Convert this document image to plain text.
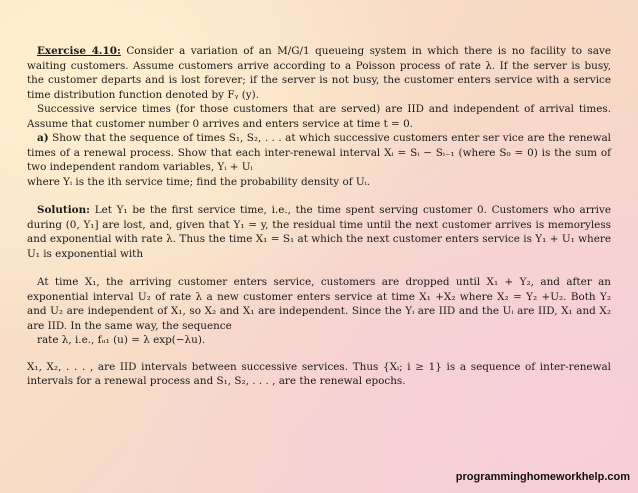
Exercise 4.10: Consider a variation of an M/G/1 queueing system in which there is no facility to save waiting customers. Assume customers arrive according to a Poisson process of rate λ. If the server is busy, the customer departs and is lost forever; if the server is not busy, the customer enters service with a service time distribution function denoted by Fᵧ (y).

Successive service times (for those customers that are served) are IID and independent of arrival times. Assume that customer number 0 arrives and enters service at time t = 0.

a) Show that the sequence of times S₁, S₂, . . . at which successive customers enter ser vice are the renewal times of a renewal process. Show that each inter-renewal interval Xᵢ = Sᵢ − Sᵢ₋₁ (where S₀ = 0) is the sum of two independent random variables, Yᵢ + Uᵢ

where Yᵢ is the ith service time; find the probability density of Uᵢ.

Solution: Let Y₁ be the first service time, i.e., the time spent serving customer 0. Customers who arrive during (0, Y₁] are lost, and, given that Y₁ = y, the residual time until the next customer arrives is memoryless and exponential with rate λ. Thus the time X₁ = S₁ at which the next customer enters service is Y₁ + U₁ where U₁ is exponential with

At time X₁, the arriving customer enters service, customers are dropped until X₁ + Y₂, and after an exponential interval U₂ of rate λ a new customer enters service at time X₁ +X₂ where X₂ = Y₂ +U₂. Both Y₂ and U₂ are independent of X₁, so X₂ and X₁ are independent. Since the Yᵢ are IID and the Uᵢ are IID, X₁ and X₂ are IID. In the same way, the sequence

rate λ, i.e., fᵤ₁ (u) = λ exp(−λu).

X₁, X₂, . . . , are IID intervals between successive services. Thus {Xᵢ; i ≥ 1} is a sequence of inter-renewal intervals for a renewal process and S₁, S₂, . . . , are the renewal epochs.

programminghomeworkhelp.com
